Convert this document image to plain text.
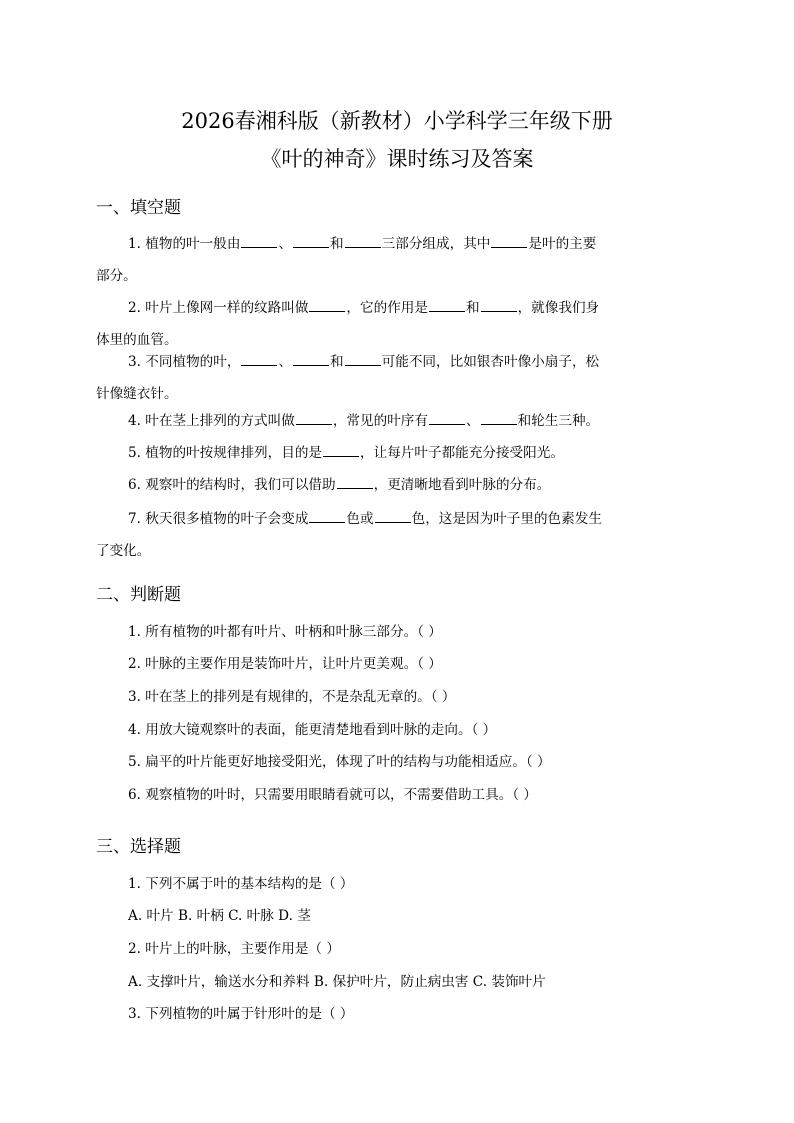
2026春湘科版（新教材）小学科学三年级下册
《叶的神奇》课时练习及答案
一、填空题
1. 植物的叶一般由	、	和	三部分组成，其中	是叶的主要
部分。
2. 叶片上像网一样的纹路叫做	，它的作用是	和	，就像我们身
体里的血管。
3. 不同植物的叶，	、	和	可能不同，比如银杏叶像小扇子，松
针像缝衣针。
4. 叶在茎上排列的方式叫做	，常见的叶序有	、	和轮生三种。
5. 植物的叶按规律排列，目的是	，让每片叶子都能充分接受阳光。
6. 观察叶的结构时，我们可以借助	，更清晰地看到叶脉的分布。
7. 秋天很多植物的叶子会变成	色或	色，这是因为叶子里的色素发生
了变化。
二、判断题
1. 所有植物的叶都有叶片、叶柄和叶脉三部分。（ ）
2. 叶脉的主要作用是装饰叶片，让叶片更美观。（ ）
3. 叶在茎上的排列是有规律的，不是杂乱无章的。（ ）
4. 用放大镜观察叶的表面，能更清楚地看到叶脉的走向。（ ）
5. 扁平的叶片能更好地接受阳光，体现了叶的结构与功能相适应。（ ）
6. 观察植物的叶时，只需要用眼睛看就可以，不需要借助工具。（ ）
三、选择题
1. 下列不属于叶的基本结构的是（ ）
A. 叶片 B. 叶柄 C. 叶脉 D. 茎
2. 叶片上的叶脉，主要作用是（ ）
A. 支撑叶片，输送水分和养料 B. 保护叶片，防止病虫害 C. 装饰叶片
3. 下列植物的叶属于针形叶的是（ ）
